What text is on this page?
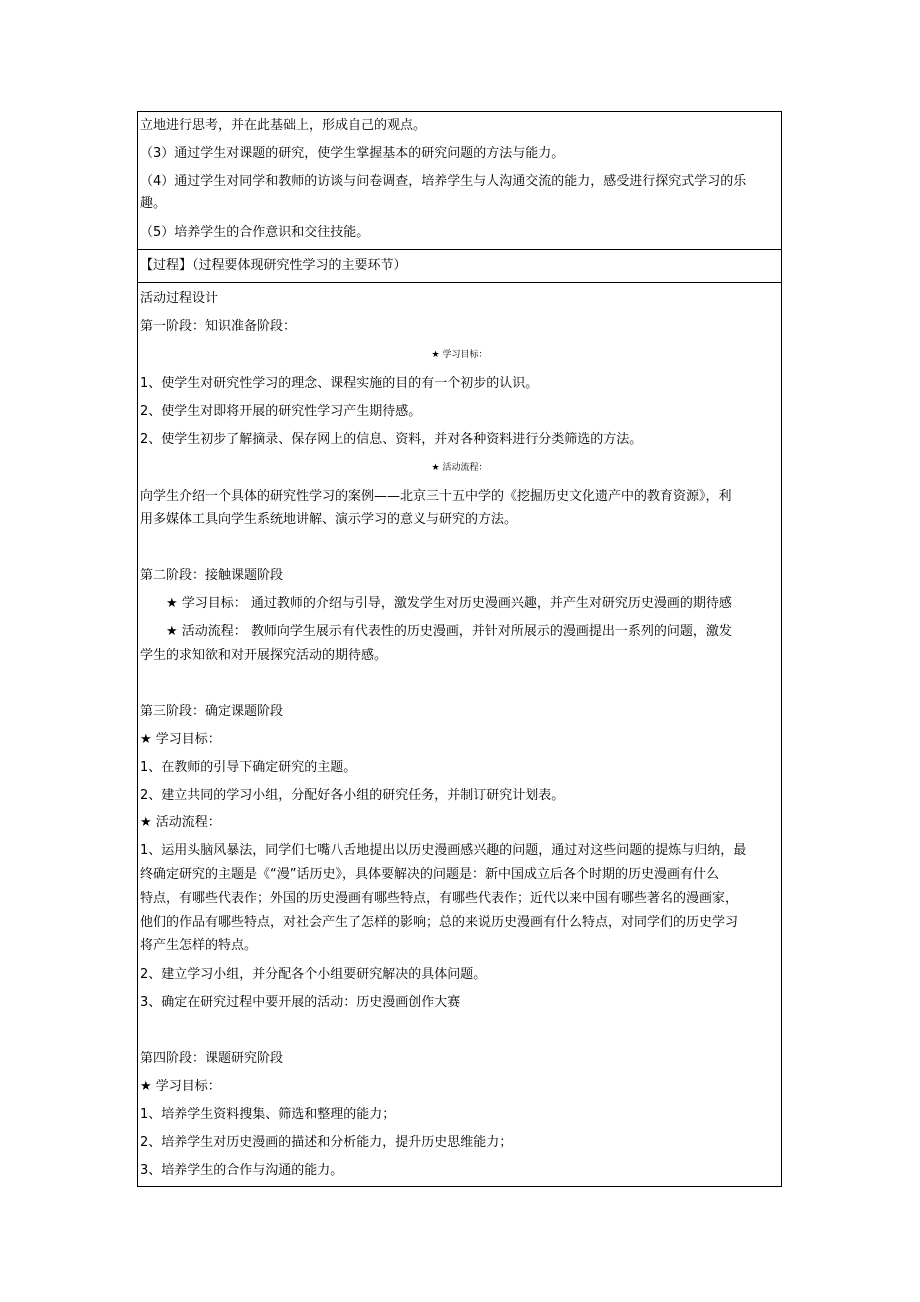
立地进行思考，并在此基础上，形成自己的观点。
（3）通过学生对课题的研究，使学生掌握基本的研究问题的方法与能力。
（4）通过学生对同学和教师的访谈与问卷调查，培养学生与人沟通交流的能力，感受进行探究式学习的乐
趣。
（5）培养学生的合作意识和交往技能。
【过程】（过程要体现研究性学习的主要环节）
活动过程设计
第一阶段：知识准备阶段：
★ 学习目标：
1、使学生对研究性学习的理念、课程实施的目的有一个初步的认识。
2、使学生对即将开展的研究性学习产生期待感。
2、使学生初步了解摘录、保存网上的信息、资料，并对各种资料进行分类筛选的方法。
★ 活动流程：
向学生介绍一个具体的研究性学习的案例——北京三十五中学的《挖掘历史文化遗产中的教育资源》，利
用多媒体工具向学生系统地讲解、演示学习的意义与研究的方法。
第二阶段：接触课题阶段
★ 学习目标： 通过教师的介绍与引导，激发学生对历史漫画兴趣，并产生对研究历史漫画的期待感
★ 活动流程： 教师向学生展示有代表性的历史漫画，并针对所展示的漫画提出一系列的问题，激发
学生的求知欲和对开展探究活动的期待感。
第三阶段：确定课题阶段
★ 学习目标：
1、在教师的引导下确定研究的主题。
2、建立共同的学习小组，分配好各小组的研究任务，并制订研究计划表。
★ 活动流程：
1、运用头脑风暴法，同学们七嘴八舌地提出以历史漫画感兴趣的问题，通过对这些问题的提炼与归纳，最
终确定研究的主题是《“漫”话历史》，具体要解决的问题是：新中国成立后各个时期的历史漫画有什么
特点，有哪些代表作；外国的历史漫画有哪些特点，有哪些代表作；近代以来中国有哪些著名的漫画家，
他们的作品有哪些特点，对社会产生了怎样的影响；总的来说历史漫画有什么特点，对同学们的历史学习
将产生怎样的特点。
2、建立学习小组，并分配各个小组要研究解决的具体问题。
3、确定在研究过程中要开展的活动：历史漫画创作大赛
第四阶段：课题研究阶段
★ 学习目标：
1、培养学生资料搜集、筛选和整理的能力；
2、培养学生对历史漫画的描述和分析能力，提升历史思维能力；
3、培养学生的合作与沟通的能力。
